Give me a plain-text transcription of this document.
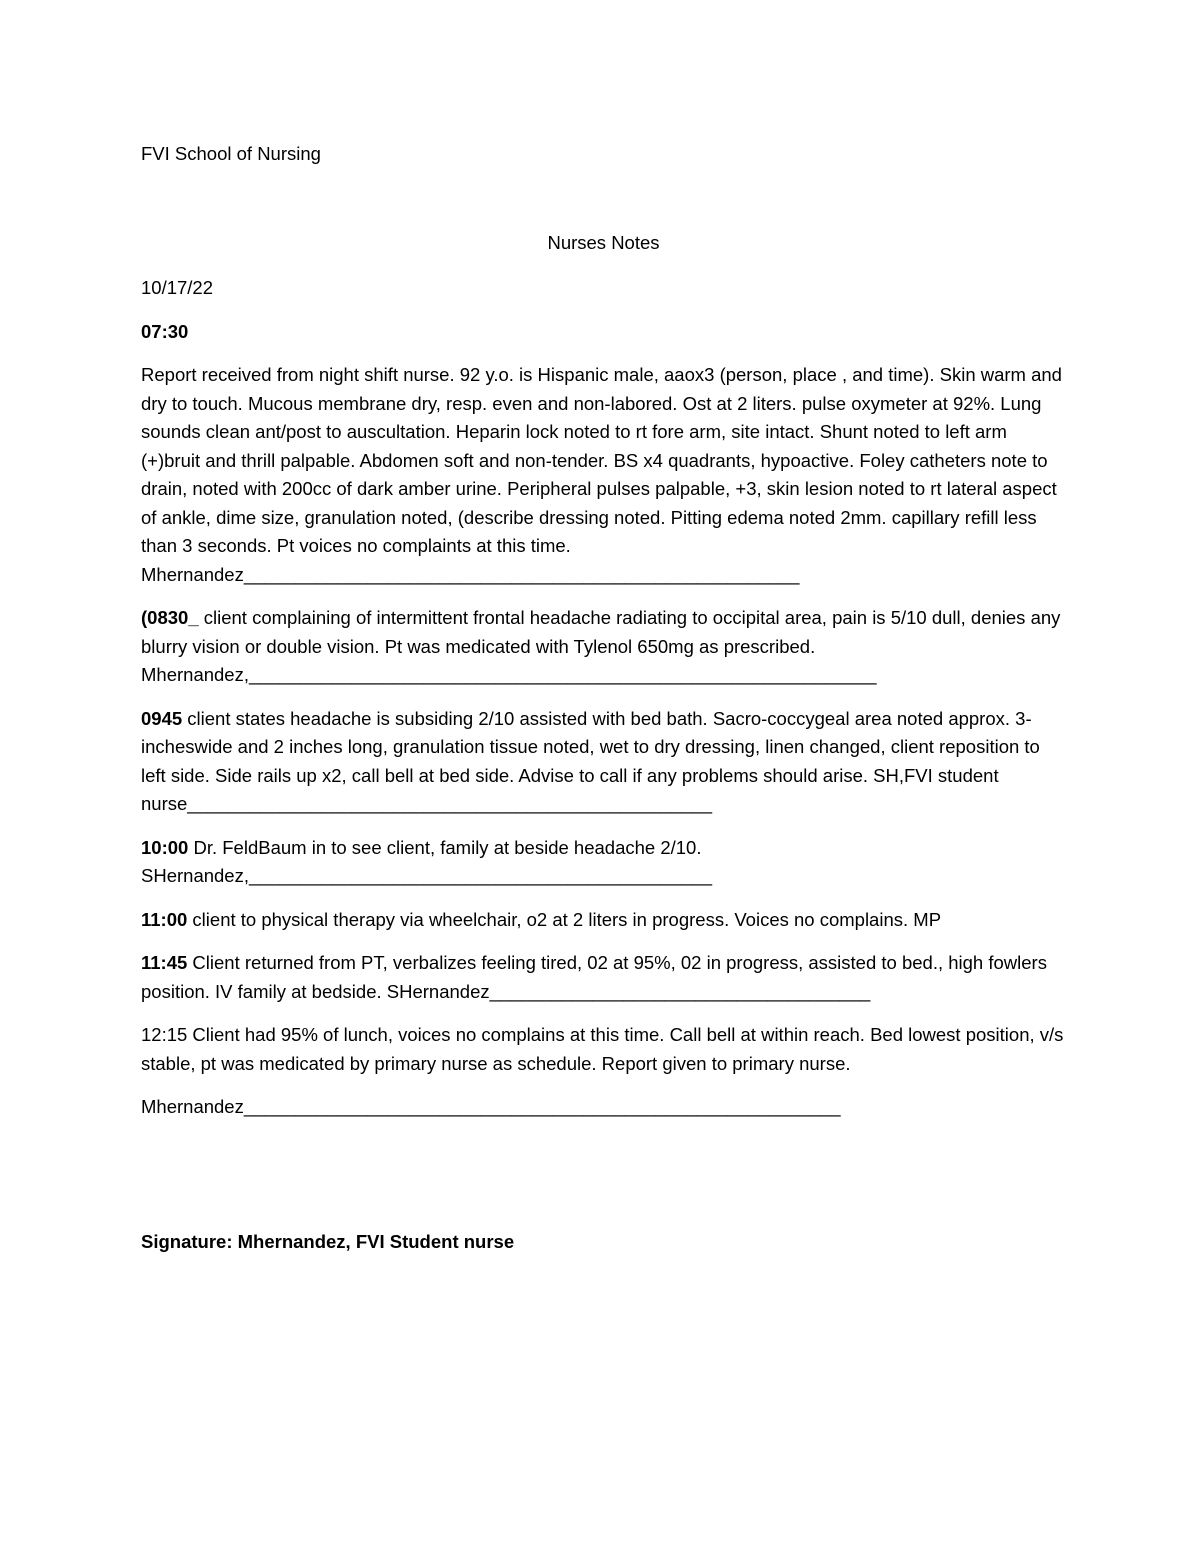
FVI School of Nursing

Nurses Notes

10/17/22

07:30

Report received from night shift nurse. 92 y.o. is Hispanic male, aaox3 (person, place , and time). Skin warm and dry to touch. Mucous membrane dry, resp. even and non-labored. Ost at 2 liters. pulse oxymeter at 92%. Lung sounds clean ant/post to auscultation. Heparin lock noted to rt fore arm, site intact. Shunt noted to left arm (+)bruit and thrill palpable. Abdomen soft and non-tender. BS x4 quadrants, hypoactive. Foley catheters note to drain, noted with 200cc of dark amber urine. Peripheral pulses palpable, +3, skin lesion noted to rt lateral aspect of ankle, dime size, granulation noted, (describe dressing noted. Pitting edema noted 2mm. capillary refill less than 3 seconds. Pt voices no complaints at this time. Mhernandez______________________________________________________

(0830_ client complaining of intermittent frontal headache radiating to occipital area, pain is 5/10 dull, denies any blurry vision or double vision. Pt was medicated with Tylenol 650mg as prescribed. Mhernandez,_____________________________________________________________

0945 client states headache is subsiding 2/10 assisted with bed bath. Sacro-coccygeal area noted approx. 3-incheswide and 2 inches long, granulation tissue noted, wet to dry dressing, linen changed, client reposition to left side. Side rails up x2, call bell at bed side. Advise to call if any problems should arise. SH,FVI student nurse___________________________________________________

10:00 Dr. FeldBaum in to see client, family at beside headache 2/10. SHernandez,_____________________________________________

11:00 client to physical therapy via wheelchair, o2 at 2 liters in progress. Voices no complains. MP

11:45 Client returned from PT, verbalizes feeling tired, 02 at 95%, 02 in progress, assisted to bed., high fowlers position. IV family at bedside. SHernandez_____________________________________

12:15 Client had 95% of lunch, voices no complains at this time. Call bell at within reach. Bed lowest position, v/s stable, pt was medicated by primary nurse as schedule. Report given to primary nurse.

Mhernandez__________________________________________________________

Signature: Mhernandez, FVI Student nurse
